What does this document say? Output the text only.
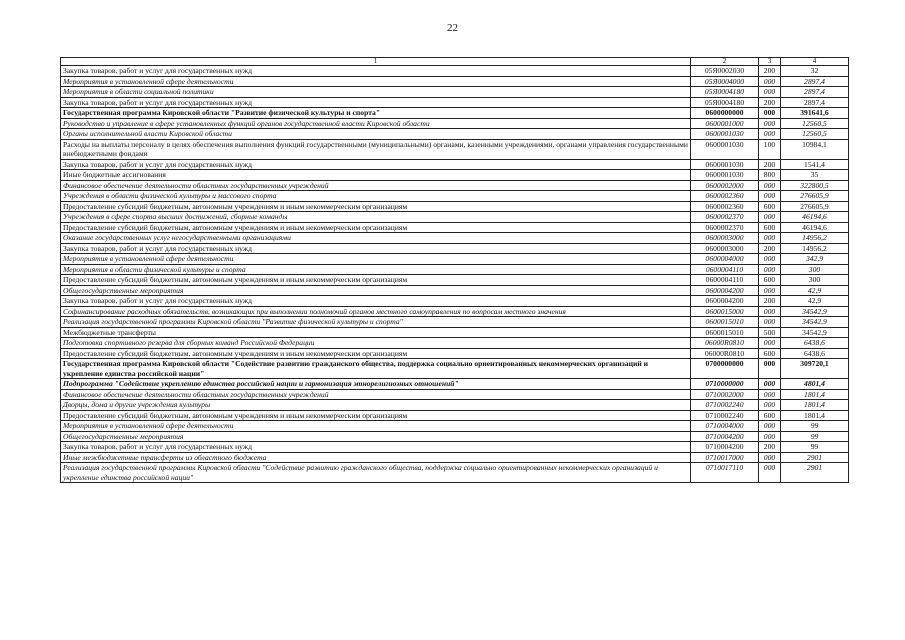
22
1	2	3	4
Закупка товаров, работ и услуг для государственных нужд	05Я0002030	200	32
Мероприятия в установленной сфере деятельности	05Я0004000	000	2897,4
Мероприятия в области социальной политики	05Я0004180	000	2897,4
Закупка товаров, работ и услуг для государственных нужд	05Я0004180	200	2897,4
Государственная программа Кировской области "Развитие физической культуры и спорта"	0600000000	000	391641,6
Руководство и управление в сфере установленных функций органов государственной власти Кировской области	0600001000	000	12560,5
Органы исполнительной власти Кировской области	0600001030	000	12560,5
Расходы на выплаты персоналу в целях обеспечения выполнения функций государственными (муниципальными) органами, казенными учреждениями, органами управления государственными внебюджетными фондами	0600001030	100	10984,1
Закупка товаров, работ и услуг для государственных нужд	0600001030	200	1541,4
Иные бюджетные ассигнования	0600001030	800	35
Финансовое обеспечение деятельности областных государственных учреждений	0600002000	000	322800,5
Учреждения в области физической культуры и массового спорта	0600002360	000	276605,9
Предоставление субсидий бюджетным, автономным учреждениям и иным некоммерческим организациям	0600002360	600	276605,9
Учреждения в сфере спорта высших достижений, сборные команды	0600002370	000	46194,6
Предоставление субсидий бюджетным, автономным учреждениям и иным некоммерческим организациям	0600002370	600	46194,6
Оказание государственных услуг негосударственными организациями	0600003000	000	14956,2
Закупка товаров, работ и услуг для государственных нужд	0600003000	200	14956,2
Мероприятия в установленной сфере деятельности	0600004000	000	342,9
Мероприятия в области физической культуры и спорта	0600004110	000	300
Предоставление субсидий бюджетным, автономным учреждениям и иным некоммерческим организациям	0600004110	600	300
Общегосударственные мероприятия	0600004200	000	42,9
Закупка товаров, работ и услуг для государственных нужд	0600004200	200	42,9
Софинансирование расходных обязательств, возникающих при выполнении полномочий органов местного самоуправления по вопросам местного значения	0600015000	000	34542,9
Реализация государственной программы Кировской области "Развитие физической культуры и спорта"	0600015010	000	34542,9
Межбюджетные трансферты	0600015010	500	34542,9
Подготовка спортивного резерва для сборных команд Российской Федерации	06000R0810	000	6438,6
Предоставление субсидий бюджетным, автономным учреждениям и иным некоммерческим организациям	06000R0810	600	6438,6
Государственная программа Кировской области "Содействие развитию гражданского общества, поддержка социально ориентированных некоммерческих организаций и укрепление единства российской нации"	0700000000	000	309720,1
Подпрограмма "Содействие укреплению единства российской нации и гармонизация этнорелигиозных отношений"	0710000000	000	4801,4
Финансовое обеспечение деятельности областных государственных учреждений	0710002000	000	1801,4
Дворцы, дома и другие учреждения культуры	0710002240	000	1801,4
Предоставление субсидий бюджетным, автономным учреждениям и иным некоммерческим организациям	0710002240	600	1801,4
Мероприятия в установленной сфере деятельности	0710004000	000	99
Общегосударственные мероприятия	0710004200	000	99
Закупка товаров, работ и услуг для государственных нужд	0710004200	200	99
Иные межбюджетные трансферты из областного бюджета	0710017000	000	2901
Реализация государственной программы Кировской области "Содействие развитию гражданского общества, поддержка социально ориентированных некоммерческих организаций и укрепление единства российской нации"	0710017110	000	2901
